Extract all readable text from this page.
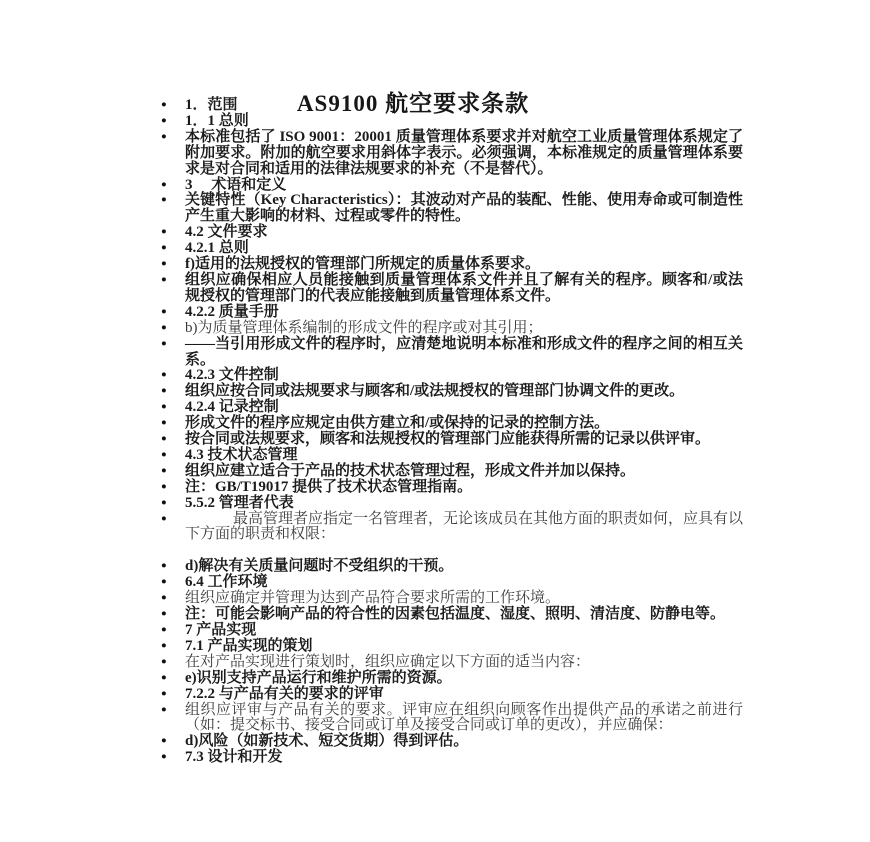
AS9100 航空要求条款
●	1．范围
●	1．1 总则
●	本标准包括了 ISO 9001：20001 质量管理体系要求并对航空工业质量管理体系规定了附加要求。附加的航空要求用斜体字表示。必须强调，本标准规定的质量管理体系要求是对合同和适用的法律法规要求的补充（不是替代）。
●	3　 术语和定义
●	关键特性（Key Characteristics）：其波动对产品的装配、性能、使用寿命或可制造性产生重大影响的材料、过程或零件的特性。
●	4.2 文件要求
●	4.2.1 总则
●	f)适用的法规授权的管理部门所规定的质量体系要求。
●	组织应确保相应人员能接触到质量管理体系文件并且了解有关的程序。顾客和/或法规授权的管理部门的代表应能接触到质量管理体系文件。
●	4.2.2 质量手册
●	b)为质量管理体系编制的形成文件的程序或对其引用；
●	——当引用形成文件的程序时，应清楚地说明本标准和形成文件的程序之间的相互关系。
●	4.2.3 文件控制
●	组织应按合同或法规要求与顾客和/或法规授权的管理部门协调文件的更改。
●	4.2.4 记录控制
●	形成文件的程序应规定由供方建立和/或保持的记录的控制方法。
●	按合同或法规要求，顾客和法规授权的管理部门应能获得所需的记录以供评审。
●	4.3 技术状态管理
●	组织应建立适合于产品的技术状态管理过程，形成文件并加以保持。
●	注：GB/T19017 提供了技术状态管理指南。
●	5.5.2 管理者代表
●	最高管理者应指定一名管理者，无论该成员在其他方面的职责如何，应具有以下方面的职责和权限：
●	d)解决有关质量问题时不受组织的干预。
●	6.4 工作环境
●	组织应确定并管理为达到产品符合要求所需的工作环境。
●	注：可能会影响产品的符合性的因素包括温度、湿度、照明、清洁度、防静电等。
●	7 产品实现
●	7.1 产品实现的策划
●	在对产品实现进行策划时，组织应确定以下方面的适当内容：
●	e)识别支持产品运行和维护所需的资源。
●	7.2.2 与产品有关的要求的评审
●	组织应评审与产品有关的要求。评审应在组织向顾客作出提供产品的承诺之前进行（如：提交标书、接受合同或订单及接受合同或订单的更改），并应确保：
●	d)风险（如新技术、短交货期）得到评估。
●	7.3 设计和开发
